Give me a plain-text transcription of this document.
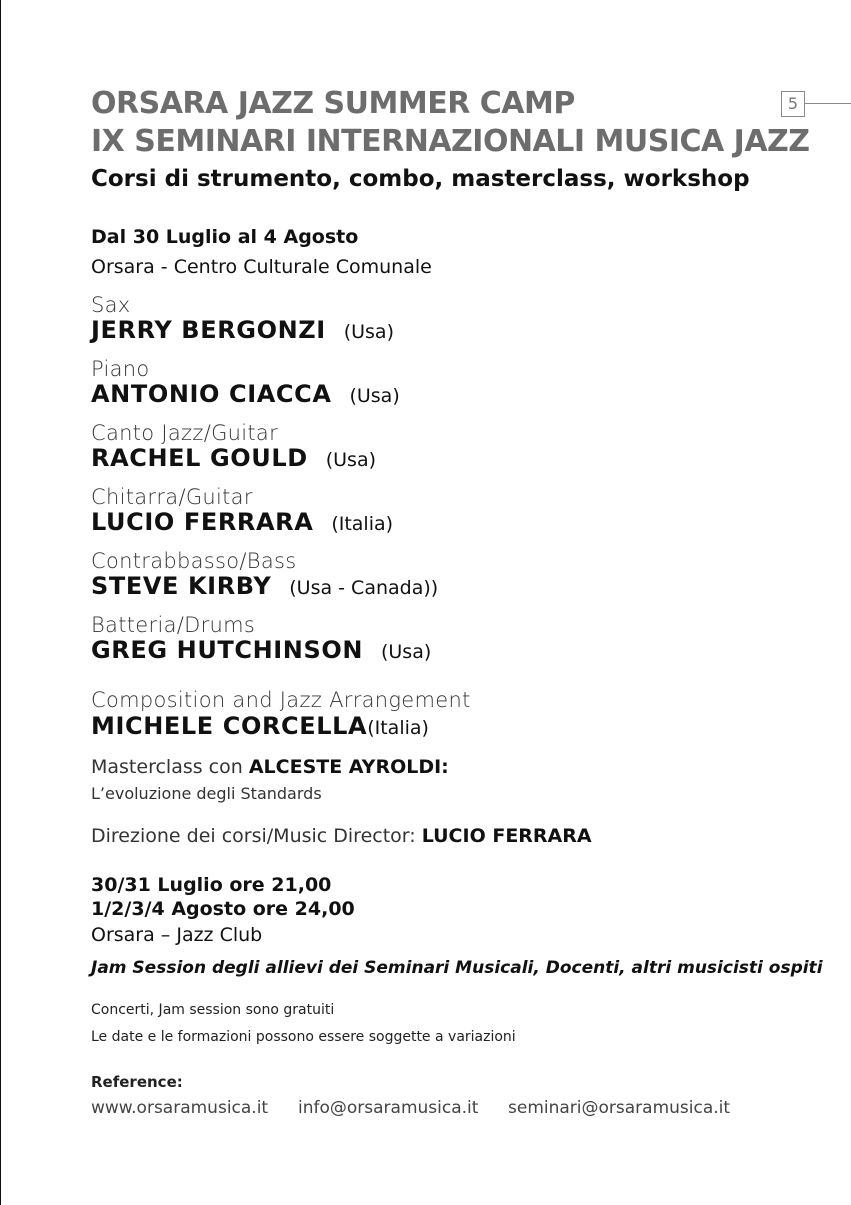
5
ORSARA JAZZ SUMMER CAMP
IX SEMINARI INTERNAZIONALI MUSICA JAZZ
Corsi di strumento, combo, masterclass, workshop
Dal 30 Luglio al 4 Agosto
Orsara - Centro Culturale Comunale
Sax
JERRY BERGONZI (Usa)
Piano
ANTONIO CIACCA (Usa)
Canto Jazz/Guitar
RACHEL GOULD (Usa)
Chitarra/Guitar
LUCIO FERRARA (Italia)
Contrabbasso/Bass
STEVE KIRBY (Usa - Canada))
Batteria/Drums
GREG HUTCHINSON (Usa)
Composition and Jazz Arrangement
MICHELE CORCELLA(Italia)
Masterclass con ALCESTE AYROLDI:
L’evoluzione degli Standards
Direzione dei corsi/Music Director: LUCIO FERRARA
30/31 Luglio ore 21,00
1/2/3/4 Agosto ore 24,00
Orsara – Jazz Club
Jam Session degli allievi dei Seminari Musicali, Docenti, altri musicisti ospiti
Concerti, Jam session sono gratuiti
Le date e le formazioni possono essere soggette a variazioni
Reference:
www.orsaramusica.it info@orsaramusica.it seminari@orsaramusica.it
